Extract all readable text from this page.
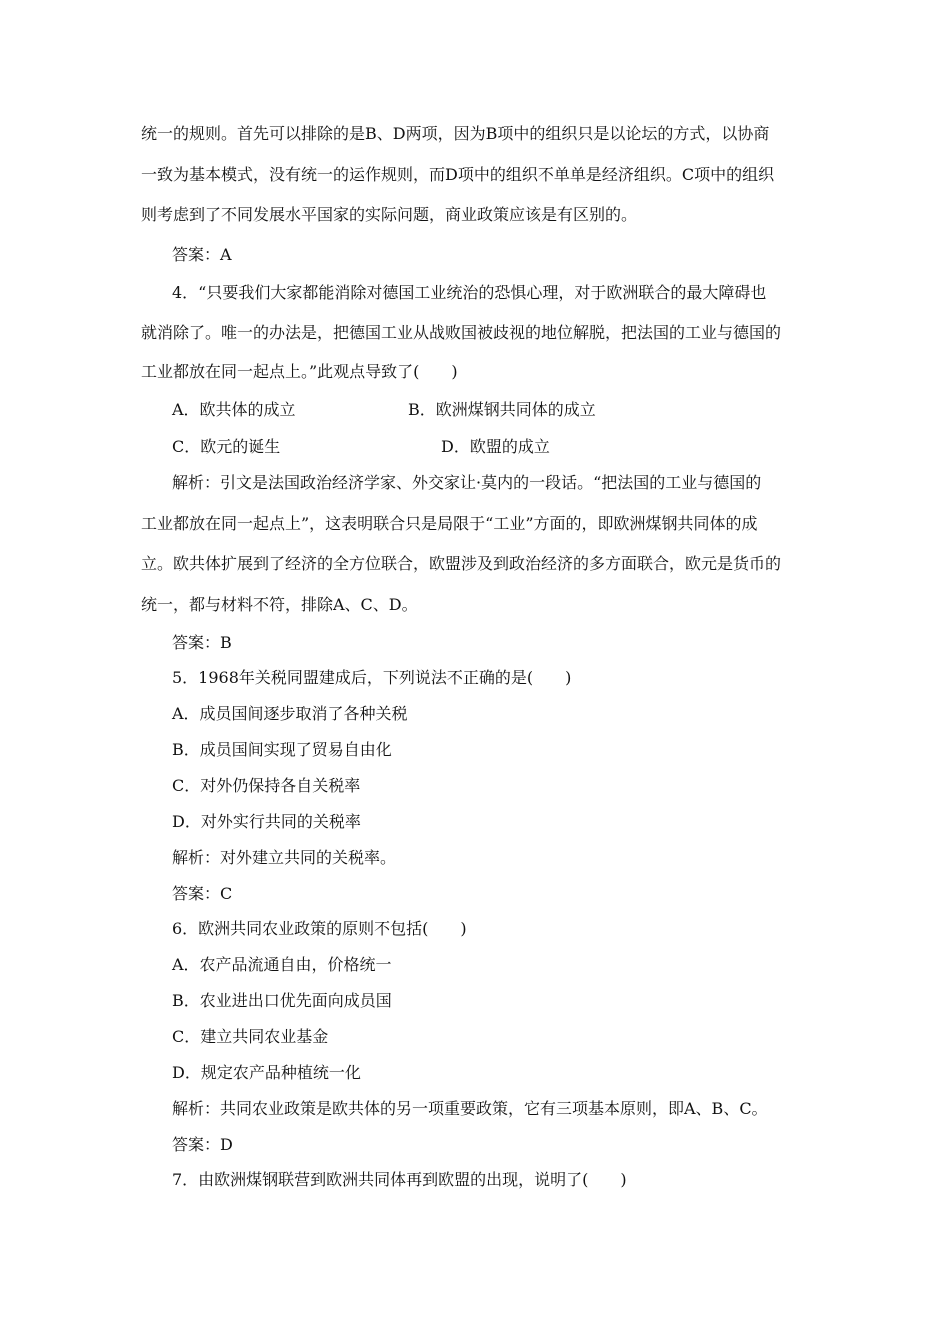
统一的规则。首先可以排除的是B、D两项，因为B项中的组织只是以论坛的方式，以协商
一致为基本模式，没有统一的运作规则，而D项中的组织不单单是经济组织。C项中的组织
则考虑到了不同发展水平国家的实际问题，商业政策应该是有区别的。
答案：A
4．“只要我们大家都能消除对德国工业统治的恐惧心理，对于欧洲联合的最大障碍也
就消除了。唯一的办法是，把德国工业从战败国被歧视的地位解脱，把法国的工业与德国的
工业都放在同一起点上。”此观点导致了(　　)
A．欧共体的成立	B．欧洲煤钢共同体的成立
C．欧元的诞生	D．欧盟的成立
解析：引文是法国政治经济学家、外交家让·莫内的一段话。“把法国的工业与德国的
工业都放在同一起点上”，这表明联合只是局限于“工业”方面的，即欧洲煤钢共同体的成
立。欧共体扩展到了经济的全方位联合，欧盟涉及到政治经济的多方面联合，欧元是货币的
统一，都与材料不符，排除A、C、D。
答案：B
5．1968年关税同盟建成后，下列说法不正确的是(　　)
A．成员国间逐步取消了各种关税
B．成员国间实现了贸易自由化
C．对外仍保持各自关税率
D．对外实行共同的关税率
解析：对外建立共同的关税率。
答案：C
6．欧洲共同农业政策的原则不包括(　　)
A．农产品流通自由，价格统一
B．农业进出口优先面向成员国
C．建立共同农业基金
D．规定农产品种植统一化
解析：共同农业政策是欧共体的另一项重要政策，它有三项基本原则，即A、B、C。
答案：D
7．由欧洲煤钢联营到欧洲共同体再到欧盟的出现，说明了(　　)
